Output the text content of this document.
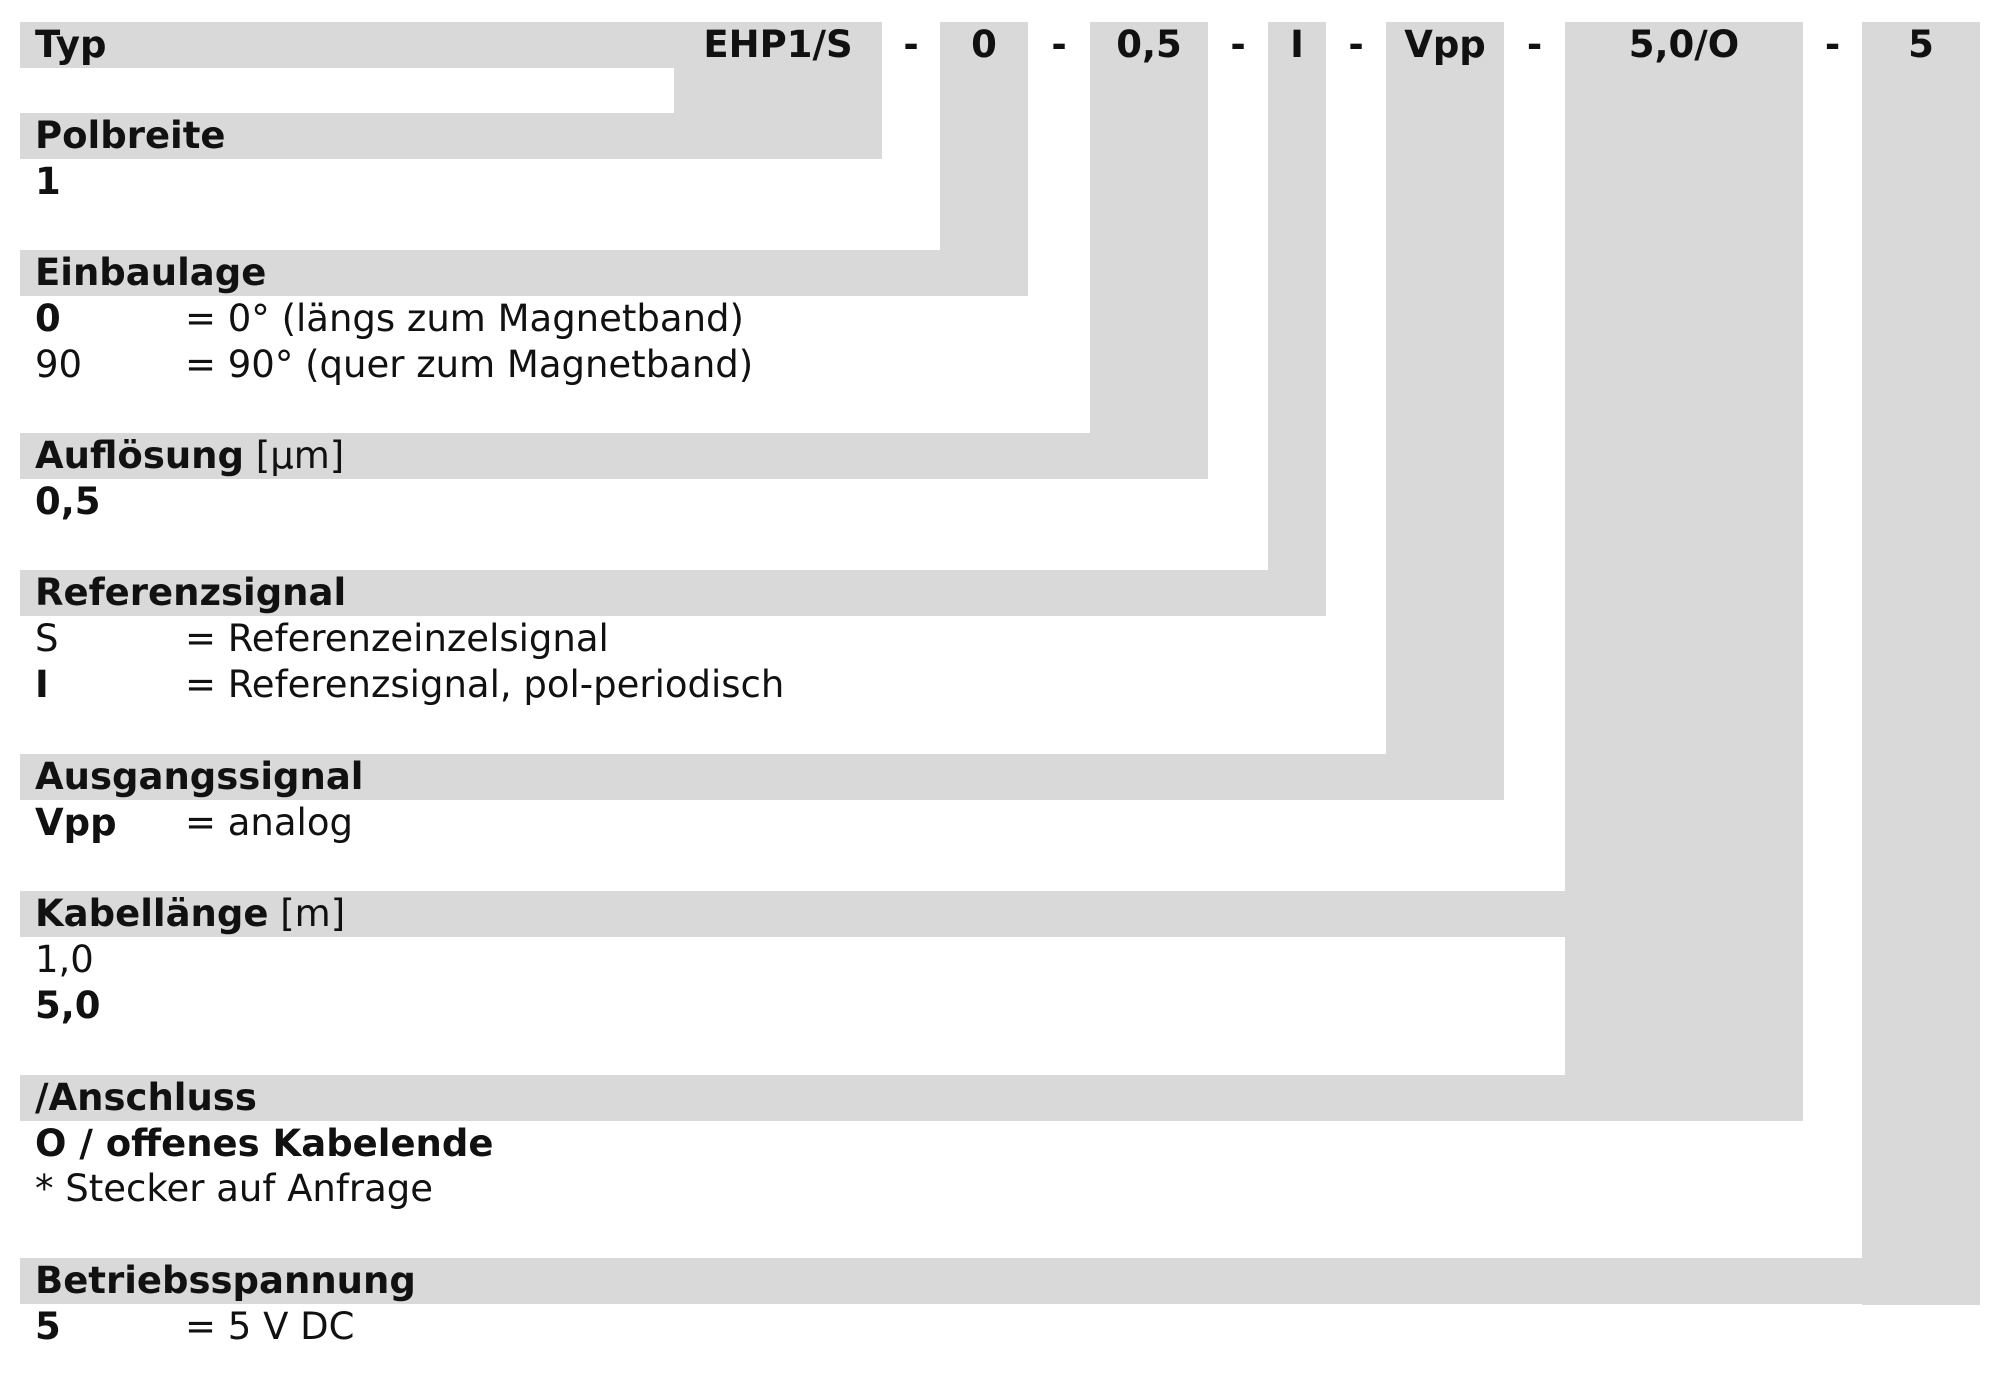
Typ	EHP1/S	-	0	-	0,5	-	I	-	Vpp	-	5,0/O	-	5
Polbreite
1
Einbaulage
0	= 0° (längs zum Magnetband)
90	= 90° (quer zum Magnetband)
Auflösung [µm]
0,5
Referenzsignal
S	= Referenzeinzelsignal
I	= Referenzsignal, pol-periodisch
Ausgangssignal
Vpp = analog
Kabellänge [m]
1,0
5,0
/Anschluss
O / offenes Kabelende
* Stecker auf Anfrage
Betriebsspannung
5	= 5 V DC
